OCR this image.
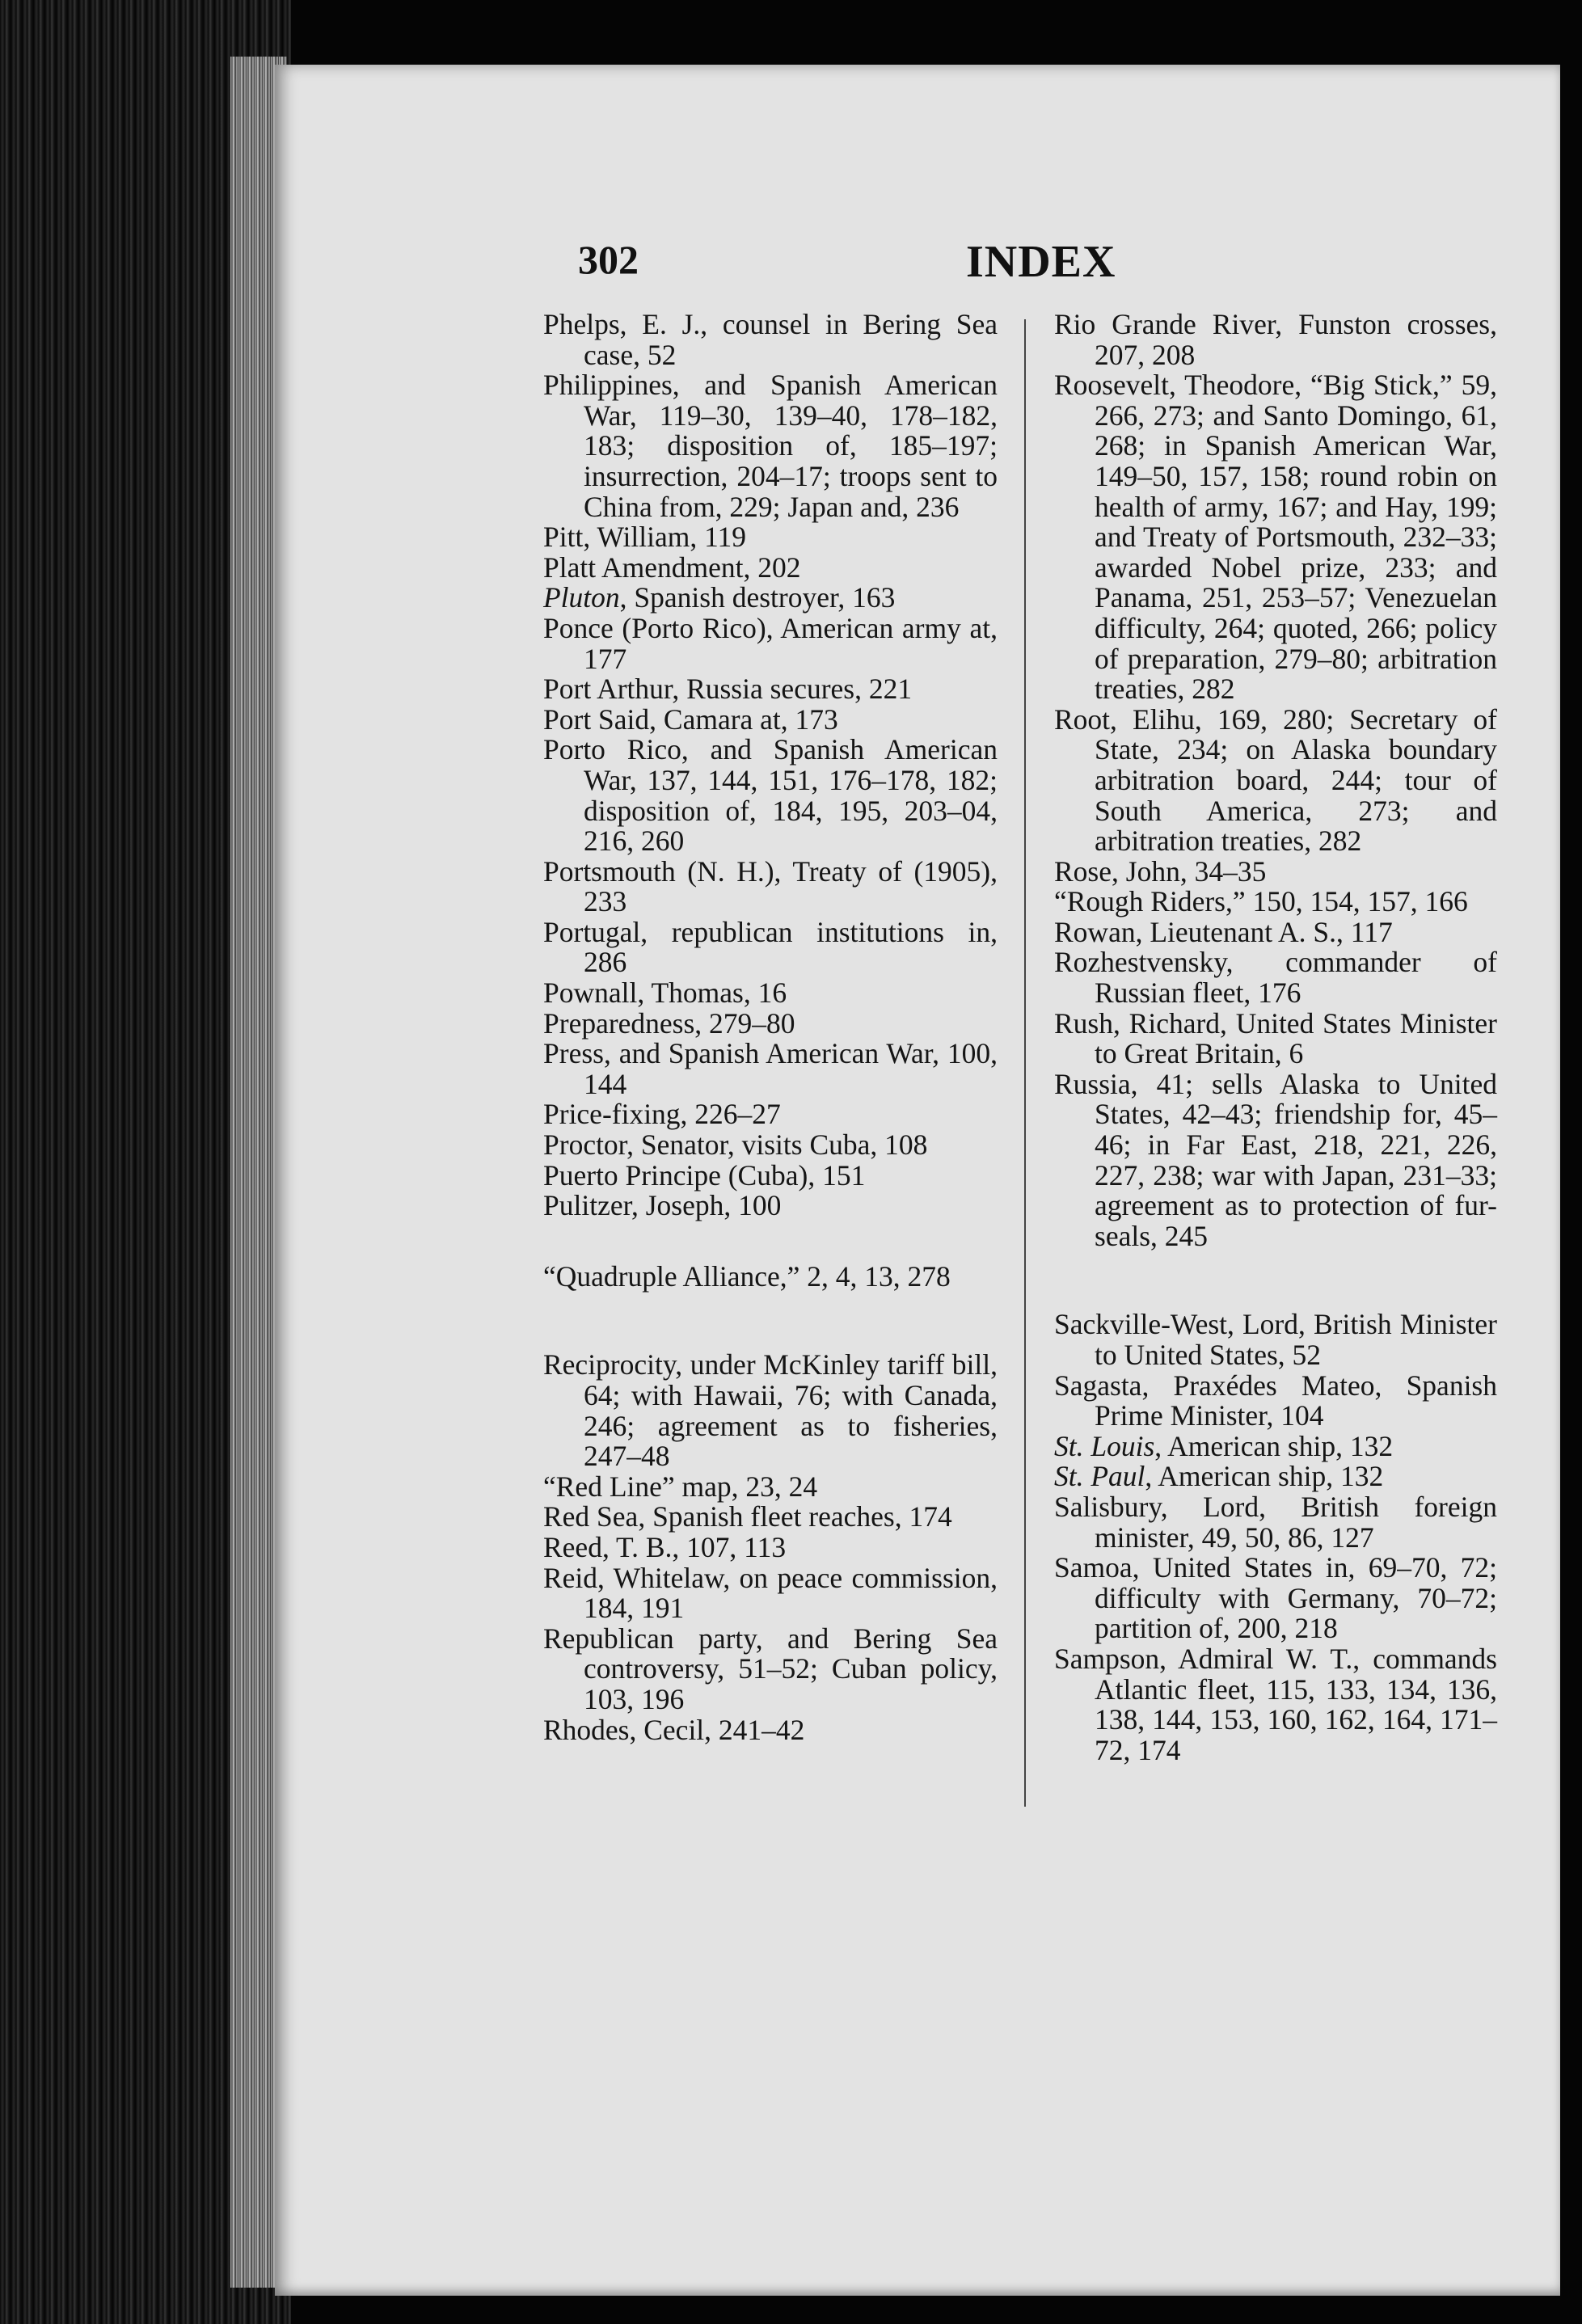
302	INDEX

Phelps, E. J., counsel in Bering Sea case, 52

Philippines, and Spanish American War, 119–30, 139–40, 178–182, 183; disposition of, 185–197; insurrection, 204–17; troops sent to China from, 229; Japan and, 236

Pitt, William, 119

Platt Amendment, 202

Pluton, Spanish destroyer, 163

Ponce (Porto Rico), American army at, 177

Port Arthur, Russia secures, 221

Port Said, Camara at, 173

Porto Rico, and Spanish American War, 137, 144, 151, 176–178, 182; disposition of, 184, 195, 203–04, 216, 260

Portsmouth (N. H.), Treaty of (1905), 233

Portugal, republican institutions in, 286

Pownall, Thomas, 16

Preparedness, 279–80

Press, and Spanish American War, 100, 144

Price-fixing, 226–27

Proctor, Senator, visits Cuba, 108

Puerto Principe (Cuba), 151

Pulitzer, Joseph, 100

“Quadruple Alliance,” 2, 4, 13, 278

Reciprocity, under McKinley tariff bill, 64; with Hawaii, 76; with Canada, 246; agreement as to fisheries, 247–48

“Red Line” map, 23, 24

Red Sea, Spanish fleet reaches, 174

Reed, T. B., 107, 113

Reid, Whitelaw, on peace commission, 184, 191

Republican party, and Bering Sea controversy, 51–52; Cuban policy, 103, 196

Rhodes, Cecil, 241–42

Rio Grande River, Funston crosses, 207, 208

Roosevelt, Theodore, “Big Stick,” 59, 266, 273; and Santo Domingo, 61, 268; in Spanish American War, 149–50, 157, 158; round robin on health of army, 167; and Hay, 199; and Treaty of Portsmouth, 232–33; awarded Nobel prize, 233; and Panama, 251, 253–57; Venezuelan difficulty, 264; quoted, 266; policy of preparation, 279–80; arbitration treaties, 282

Root, Elihu, 169, 280; Secretary of State, 234; on Alaska boundary arbitration board, 244; tour of South America, 273; and arbitration treaties, 282

Rose, John, 34–35

“Rough Riders,” 150, 154, 157, 166

Rowan, Lieutenant A. S., 117

Rozhestvensky, commander of Russian fleet, 176

Rush, Richard, United States Minister to Great Britain, 6

Russia, 41; sells Alaska to United States, 42–43; friendship for, 45–46; in Far East, 218, 221, 226, 227, 238; war with Japan, 231–33; agreement as to protection of fur-seals, 245

Sackville-West, Lord, British Minister to United States, 52

Sagasta, Praxédes Mateo, Spanish Prime Minister, 104

St. Louis, American ship, 132

St. Paul, American ship, 132

Salisbury, Lord, British foreign minister, 49, 50, 86, 127

Samoa, United States in, 69–70, 72; difficulty with Germany, 70–72; partition of, 200, 218

Sampson, Admiral W. T., commands Atlantic fleet, 115, 133, 134, 136, 138, 144, 153, 160, 162, 164, 171–72, 174
